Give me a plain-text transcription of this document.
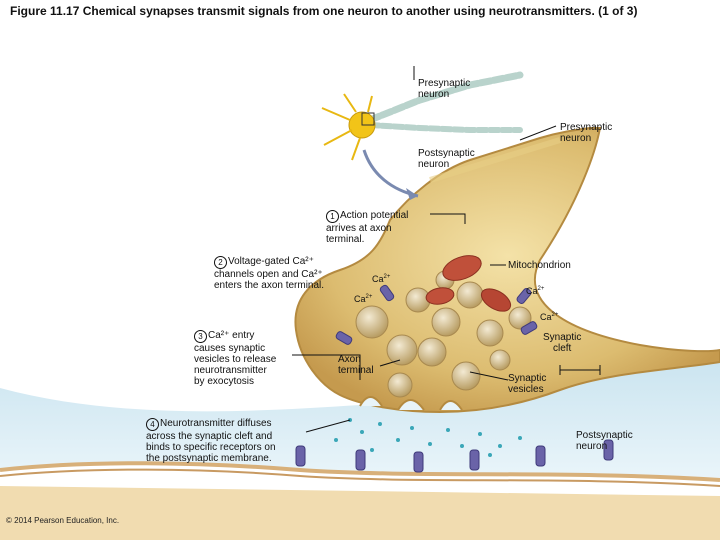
Figure 11.17 Chemical synapses transmit signals from one neuron to another using neurotransmitters. (1 of 3)
Presynaptic
neuron
Postsynaptic
neuron
Presynaptic
neuron
Mitochondrion
Synaptic
cleft
Axon
terminal
Synaptic
vesicles
Postsynaptic
neuron
$Ca^{2+}$
$Ca^{2+}$
$Ca^{2+}$
$Ca^{2+}$
1 Action potential
arrives at axon
terminal.
2 Voltage-gated Ca²⁺
channels open and Ca²⁺
enters the axon terminal.
3 Ca²⁺ entry
causes synaptic
vesicles to release
neurotransmitter
by exocytosis
4 Neurotransmitter diffuses
across the synaptic cleft and
binds to specific receptors on
the postsynaptic membrane.
© 2014 Pearson Education, Inc.
